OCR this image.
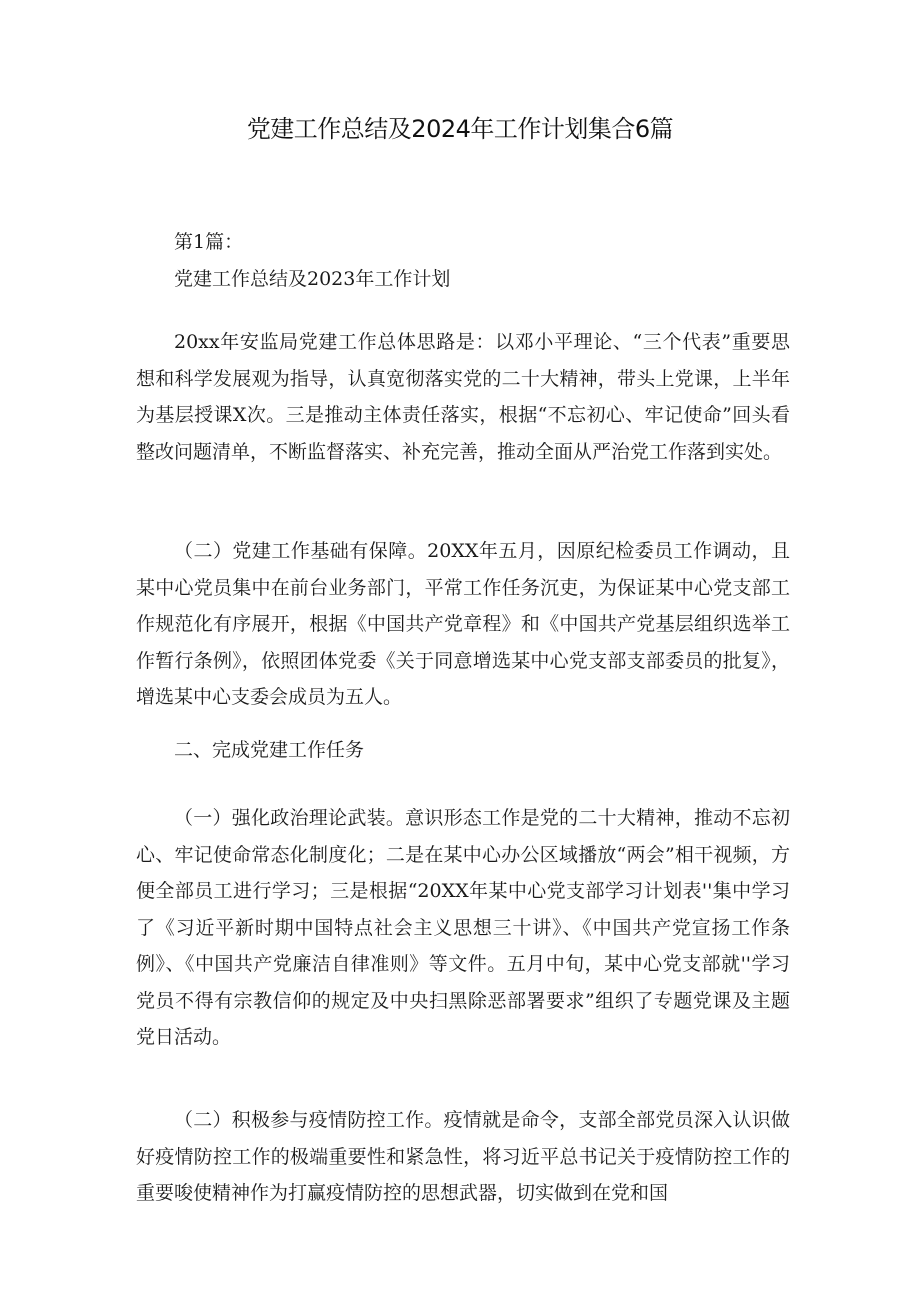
党建工作总结及2024年工作计划集合6篇

第1篇：

党建工作总结及2023年工作计划

20xx年安监局党建工作总体思路是：以邓小平理论、“三个代表”重要思想和科学发展观为指导，认真宽彻落实党的二十大精神，带头上党课，上半年为基层授课X次。三是推动主体责任落实，根据“不忘初心、牢记使命”回头看整改问题清单，不断监督落实、补充完善，推动全面从严治党工作落到实处。

（二）党建工作基础有保障。20XX年五月，因原纪检委员工作调动，且某中心党员集中在前台业务部门，平常工作任务沉吏，为保证某中心党支部工作规范化有序展开，根据《中国共产党章程》和《中国共产党基层组织选举工作暂行条例》，依照团体党委《关于同意增选某中心党支部支部委员的批复》，增选某中心支委会成员为五人。

二、完成党建工作任务

（一）强化政治理论武装。意识形态工作是党的二十大精神，推动不忘初心、牢记使命常态化制度化；二是在某中心办公区域播放“两会”相干视频，方便全部员工进行学习；三是根据“20XX年某中心党支部学习计划表''集中学习了《习近平新时期中国特点社会主义思想三十讲》、《中国共产党宣扬工作条例》、《中国共产党廉洁自律准则》等文件。五月中旬，某中心党支部就''学习党员不得有宗教信仰的规定及中央扫黑除恶部署要求”组织了专题党课及主题党日活动。

（二）积极参与疫情防控工作。疫情就是命令，支部全部党员深入认识做好疫情防控工作的极端重要性和紧急性，将习近平总书记关于疫情防控工作的重要唆使精神作为打赢疫情防控的思想武器，切实做到在党和国
